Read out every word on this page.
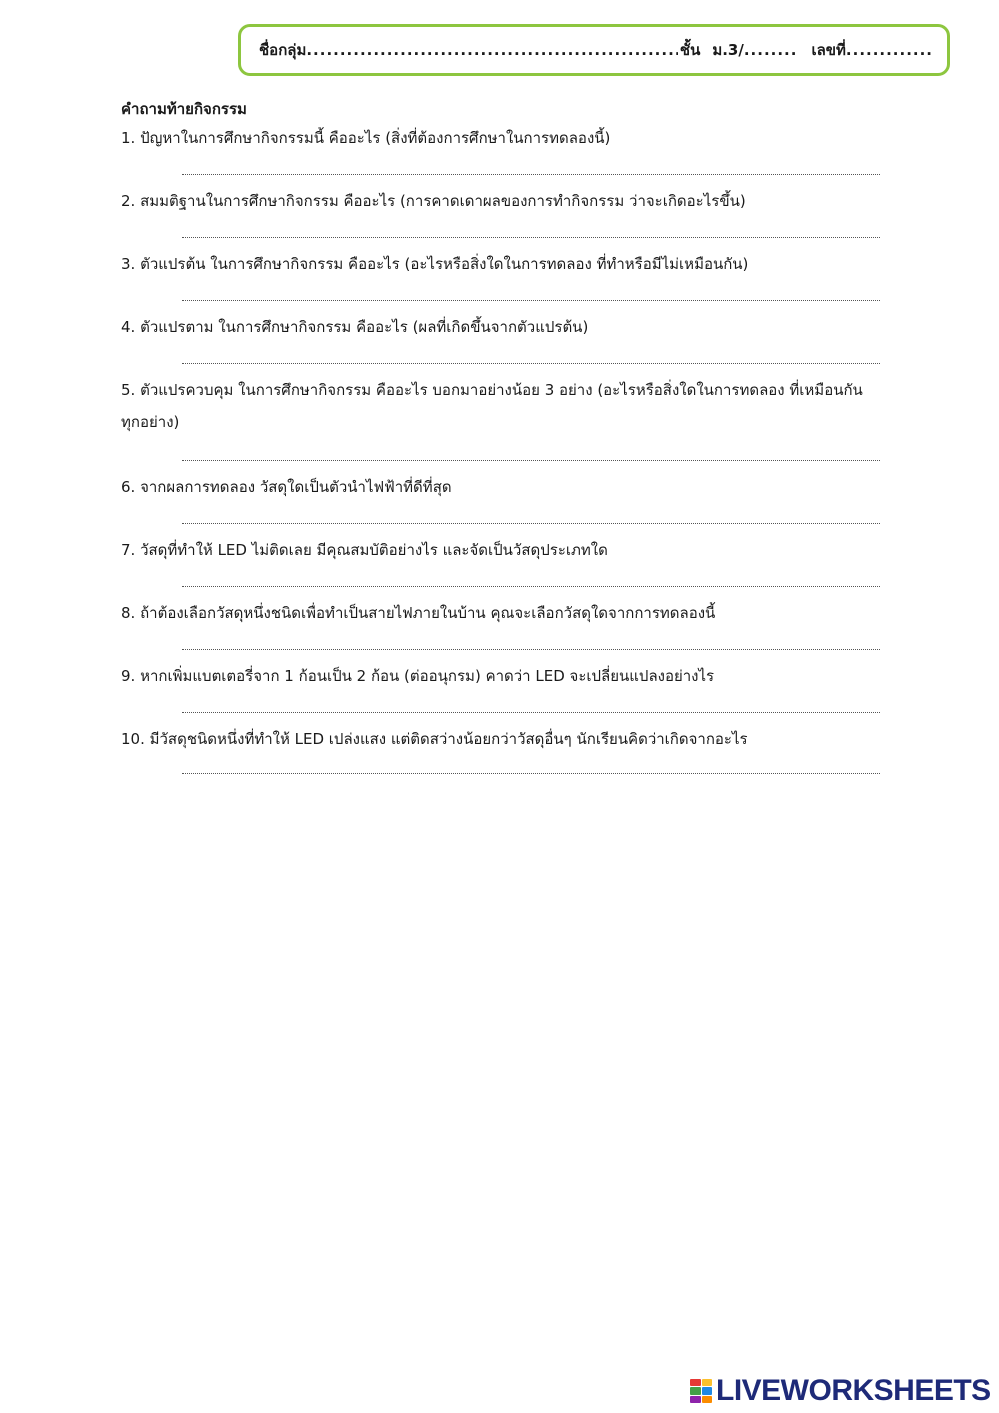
ชื่อกลุ่ม .....	ชั้น ม.3/ ........	เลขที่
.....
คำถามท้ายกิจกรรม
1. ปัญหาในการศึกษากิจกรรมนี้ คืออะไร (สิ่งที่ต้องการศึกษาในการทดลองนี้)
2. สมมติฐานในการศึกษากิจกรรม คืออะไร (การคาดเดาผลของการทำกิจกรรม ว่าจะเกิดอะไรขึ้น)
3. ตัวแปรต้น ในการศึกษากิจกรรม คืออะไร (อะไรหรือสิ่งใดในการทดลอง ที่ทำหรือมีไม่เหมือนกัน)
4. ตัวแปรตาม ในการศึกษากิจกรรม คืออะไร (ผลที่เกิดขึ้นจากตัวแปรต้น)
5. ตัวแปรควบคุม ในการศึกษากิจกรรม คืออะไร บอกมาอย่างน้อย 3 อย่าง (อะไรหรือสิ่งใดในการทดลอง ที่เหมือนกันทุกอย่าง)
6. จากผลการทดลอง วัสดุใดเป็นตัวนำไฟฟ้าที่ดีที่สุด
7. วัสดุที่ทำให้ LED ไม่ติดเลย มีคุณสมบัติอย่างไร และจัดเป็นวัสดุประเภทใด
8. ถ้าต้องเลือกวัสดุหนึ่งชนิดเพื่อทำเป็นสายไฟภายในบ้าน คุณจะเลือกวัสดุใดจากการทดลองนี้
9. หากเพิ่มแบตเตอรี่จาก 1 ก้อนเป็น 2 ก้อน (ต่ออนุกรม) คาดว่า LED จะเปลี่ยนแปลงอย่างไร
10. มีวัสดุชนิดหนึ่งที่ทำให้ LED เปล่งแสง แต่ติดสว่างน้อยกว่าวัสดุอื่นๆ นักเรียนคิดว่าเกิดจากอะไร
LIVEWORKSHEETS
